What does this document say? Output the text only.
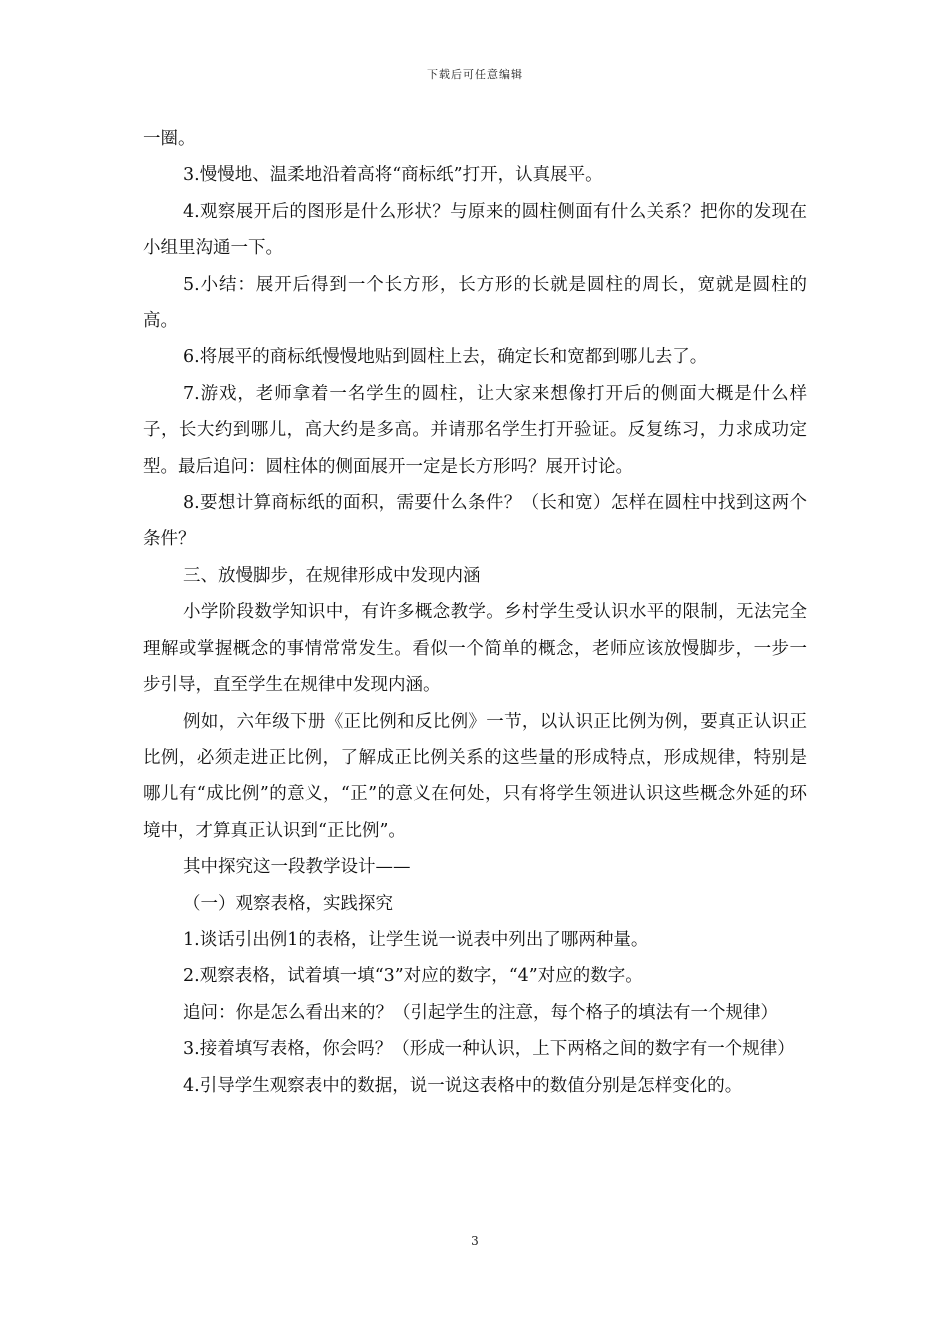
下载后可任意编辑

一圈。

3.慢慢地、温柔地沿着高将“商标纸”打开，认真展平。

4.观察展开后的图形是什么形状？与原来的圆柱侧面有什么关系？把你的发现在小组里沟通一下。

5.小结：展开后得到一个长方形，长方形的长就是圆柱的周长，宽就是圆柱的高。

6.将展平的商标纸慢慢地贴到圆柱上去，确定长和宽都到哪儿去了。

7.游戏，老师拿着一名学生的圆柱，让大家来想像打开后的侧面大概是什么样子，长大约到哪儿，高大约是多高。并请那名学生打开验证。反复练习，力求成功定型。最后追问：圆柱体的侧面展开一定是长方形吗？展开讨论。

8.要想计算商标纸的面积，需要什么条件？（长和宽）怎样在圆柱中找到这两个条件？

三、放慢脚步，在规律形成中发现内涵

小学阶段数学知识中，有许多概念教学。乡村学生受认识水平的限制，无法完全理解或掌握概念的事情常常发生。看似一个简单的概念，老师应该放慢脚步，一步一步引导，直至学生在规律中发现内涵。

例如，六年级下册《正比例和反比例》一节，以认识正比例为例，要真正认识正比例，必须走进正比例，了解成正比例关系的这些量的形成特点，形成规律，特别是哪儿有“成比例”的意义，“正”的意义在何处，只有将学生领进认识这些概念外延的环境中，才算真正认识到“正比例”。

其中探究这一段教学设计——

（一）观察表格，实践探究

1.谈话引出例1的表格，让学生说一说表中列出了哪两种量。

2.观察表格，试着填一填“3”对应的数字，“4”对应的数字。

追问：你是怎么看出来的？（引起学生的注意，每个格子的填法有一个规律）

3.接着填写表格，你会吗？（形成一种认识，上下两格之间的数字有一个规律）

4.引导学生观察表中的数据，说一说这表格中的数值分别是怎样变化的。

3
